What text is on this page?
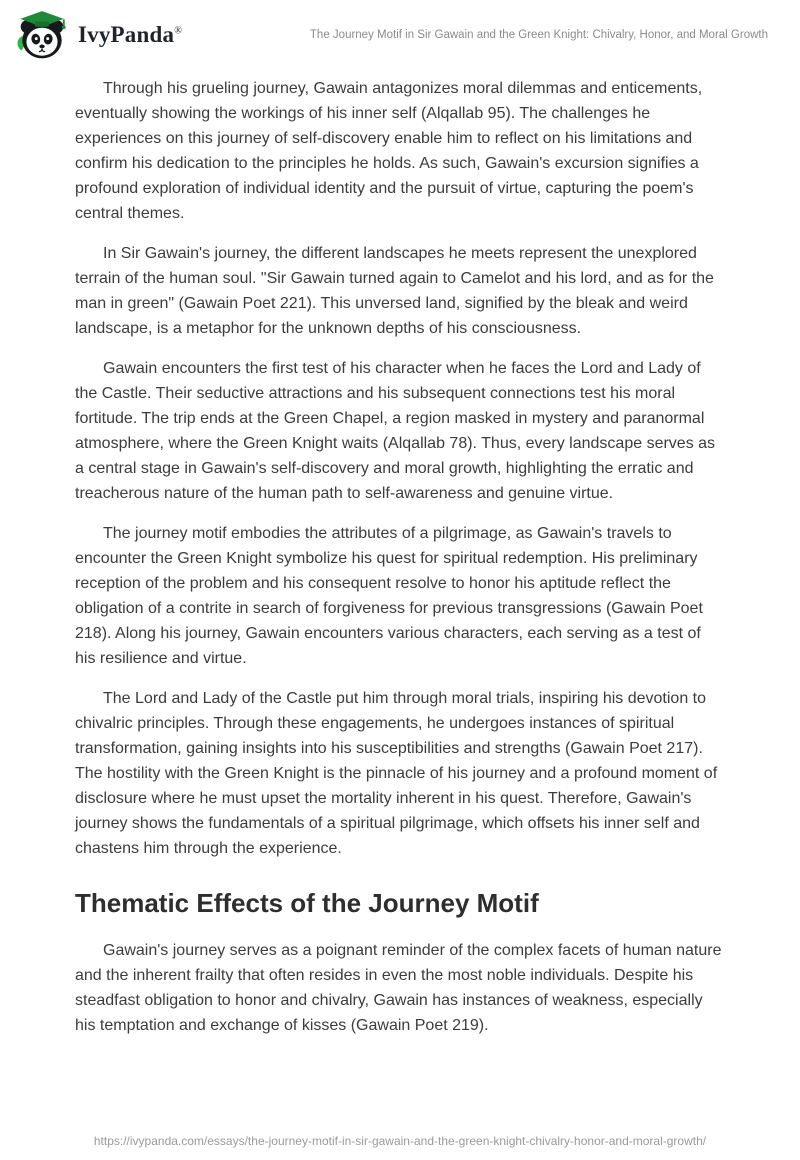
IvyPanda®	The Journey Motif in Sir Gawain and the Green Knight: Chivalry, Honor, and Moral Growth

Through his grueling journey, Gawain antagonizes moral dilemmas and enticements, eventually showing the workings of his inner self (Alqallab 95). The challenges he experiences on this journey of self-discovery enable him to reflect on his limitations and confirm his dedication to the principles he holds. As such, Gawain's excursion signifies a profound exploration of individual identity and the pursuit of virtue, capturing the poem's central themes.

In Sir Gawain's journey, the different landscapes he meets represent the unexplored terrain of the human soul. "Sir Gawain turned again to Camelot and his lord, and as for the man in green" (Gawain Poet 221). This unversed land, signified by the bleak and weird landscape, is a metaphor for the unknown depths of his consciousness.

Gawain encounters the first test of his character when he faces the Lord and Lady of the Castle. Their seductive attractions and his subsequent connections test his moral fortitude. The trip ends at the Green Chapel, a region masked in mystery and paranormal atmosphere, where the Green Knight waits (Alqallab 78). Thus, every landscape serves as a central stage in Gawain's self-discovery and moral growth, highlighting the erratic and treacherous nature of the human path to self-awareness and genuine virtue.

The journey motif embodies the attributes of a pilgrimage, as Gawain's travels to encounter the Green Knight symbolize his quest for spiritual redemption. His preliminary reception of the problem and his consequent resolve to honor his aptitude reflect the obligation of a contrite in search of forgiveness for previous transgressions (Gawain Poet 218). Along his journey, Gawain encounters various characters, each serving as a test of his resilience and virtue.

The Lord and Lady of the Castle put him through moral trials, inspiring his devotion to chivalric principles. Through these engagements, he undergoes instances of spiritual transformation, gaining insights into his susceptibilities and strengths (Gawain Poet 217). The hostility with the Green Knight is the pinnacle of his journey and a profound moment of disclosure where he must upset the mortality inherent in his quest. Therefore, Gawain's journey shows the fundamentals of a spiritual pilgrimage, which offsets his inner self and chastens him through the experience.

Thematic Effects of the Journey Motif

Gawain's journey serves as a poignant reminder of the complex facets of human nature and the inherent frailty that often resides in even the most noble individuals. Despite his steadfast obligation to honor and chivalry, Gawain has instances of weakness, especially his temptation and exchange of kisses (Gawain Poet 219).

https://ivypanda.com/essays/the-journey-motif-in-sir-gawain-and-the-green-knight-chivalry-honor-and-moral-growth/
